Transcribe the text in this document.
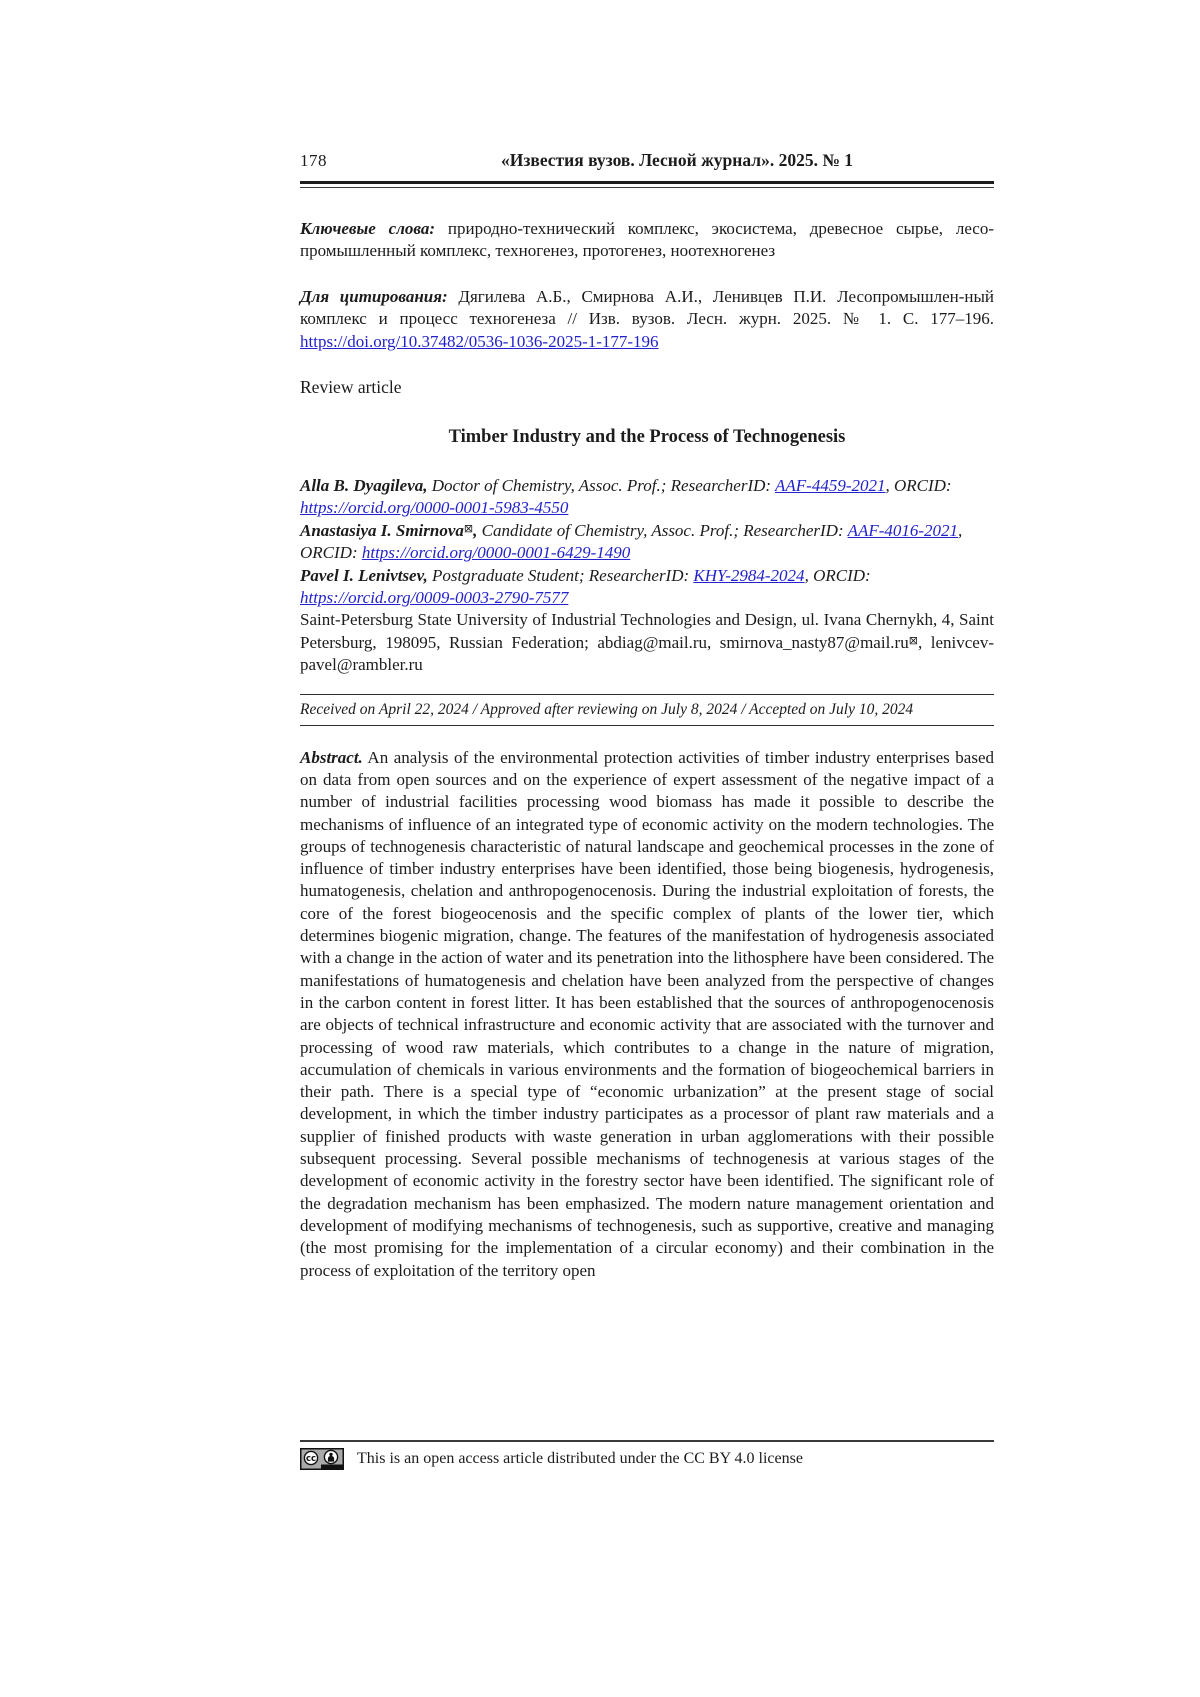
178	«Известия вузов. Лесной журнал». 2025. № 1

Ключевые слова: природно-технический комплекс, экосистема, древесное сырье, лесо-промышленный комплекс, техногенез, протогенез, ноотехногенез

Для цитирования: Дягилева А.Б., Смирнова А.И., Ленивцев П.И. Лесопромышлен-ный комплекс и процесс техногенеза // Изв. вузов. Лесн. журн. 2025. № 1. С. 177–196. https://doi.org/10.37482/0536-1036-2025-1-177-196

Review article

Timber Industry and the Process of Technogenesis

Alla B. Dyagileva, Doctor of Chemistry, Assoc. Prof.; ResearcherID: AAF-4459-2021, ORCID: https://orcid.org/0000-0001-5983-4550

Anastasiya I. Smirnova⊠, Candidate of Chemistry, Assoc. Prof.; ResearcherID: AAF-4016-2021, ORCID: https://orcid.org/0000-0001-6429-1490

Pavel I. Lenivtsev, Postgraduate Student; ResearcherID: KHY-2984-2024, ORCID: https://orcid.org/0009-0003-2790-7577

Saint-Petersburg State University of Industrial Technologies and Design, ul. Ivana Chernykh, 4, Saint Petersburg, 198095, Russian Federation; abdiag@mail.ru, smirnova_nasty87@mail.ru⊠, lenivcev-pavel@rambler.ru

Received on April 22, 2024 / Approved after reviewing on July 8, 2024 / Accepted on July 10, 2024

Abstract. An analysis of the environmental protection activities of timber industry enterprises based on data from open sources and on the experience of expert assessment of the negative impact of a number of industrial facilities processing wood biomass has made it possible to describe the mechanisms of influence of an integrated type of economic activity on the modern technologies. The groups of technogenesis characteristic of natural landscape and geochemical processes in the zone of influence of timber industry enterprises have been identified, those being biogenesis, hydrogenesis, humatogenesis, chelation and anthropogenocenosis. During the industrial exploitation of forests, the core of the forest biogeocenosis and the specific complex of plants of the lower tier, which determines biogenic migration, change. The features of the manifestation of hydrogenesis associated with a change in the action of water and its penetration into the lithosphere have been considered. The manifestations of humatogenesis and chelation have been analyzed from the perspective of changes in the carbon content in forest litter. It has been established that the sources of anthropogenocenosis are objects of technical infrastructure and economic activity that are associated with the turnover and processing of wood raw materials, which contributes to a change in the nature of migration, accumulation of chemicals in various environments and the formation of biogeochemical barriers in their path. There is a special type of “economic urbanization” at the present stage of social development, in which the timber industry participates as a processor of plant raw materials and a supplier of finished products with waste generation in urban agglomerations with their possible subsequent processing. Several possible mechanisms of technogenesis at various stages of the development of economic activity in the forestry sector have been identified. The significant role of the degradation mechanism has been emphasized. The modern nature management orientation and development of modifying mechanisms of technogenesis, such as supportive, creative and managing (the most promising for the implementation of a circular economy) and their combination in the process of exploitation of the territory open

cc	This is an open access article distributed under the CC BY 4.0 license
